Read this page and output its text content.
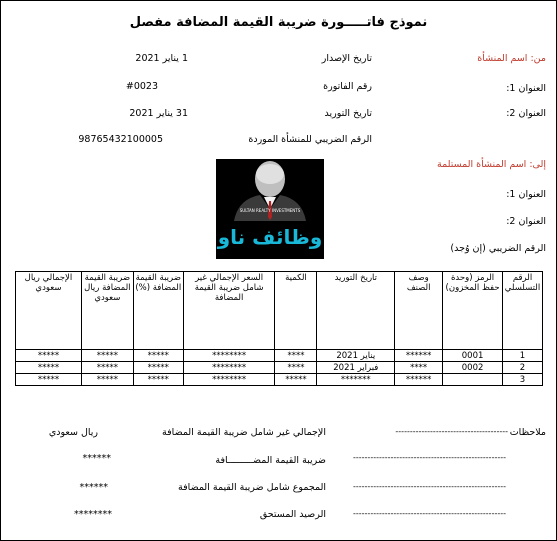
نموذج فاتـــــورة ضريبة القيمة المضافة مفصل
من: اسم المنشأة
العنوان 1:
العنوان 2:
تاريخ الإصدار
1 يناير 2021
رقم الفاتورة
#0023
تاريخ التوريد
31 يناير 2021
الرقم الضريبي للمنشأة الموردة
98765432100005
SULTAN REALTY INVESTMENTS
وظائف ناو
إلى: اسم المنشأة المستلمة
العنوان 1:
العنوان 2:
الرقم الضريبي (إن وُجد)
الرقم التسلسلي	الرمز (وحدة حفظ المخزون)	وصف الصنف	تاريخ التوريد	الكمية	السعر الإجمالي غير شامل ضريبة القيمة المضافة	ضريبة القيمة المضافة (%)	ضريبة القيمة المضافة ريال سعودي	الإجمالي ريال سعودي
1	0001	******	يناير 2021	****	********	*****	*****	*****
2	0002	****	فبراير 2021	****	********	*****	*****	*****
3		******	*******	*****	********	*****	*****	*****
ملاحظات
---------------------------------------
الإجمالي غير شامل ضريبة القيمة المضافة
ريال سعودي
-----------------------------------------------------
ضريبة القيمة المضـــــــــافة
******
-----------------------------------------------------
المجموع شامل ضريبة القيمة المضافة
******
-----------------------------------------------------
الرصيد المستحق
********
